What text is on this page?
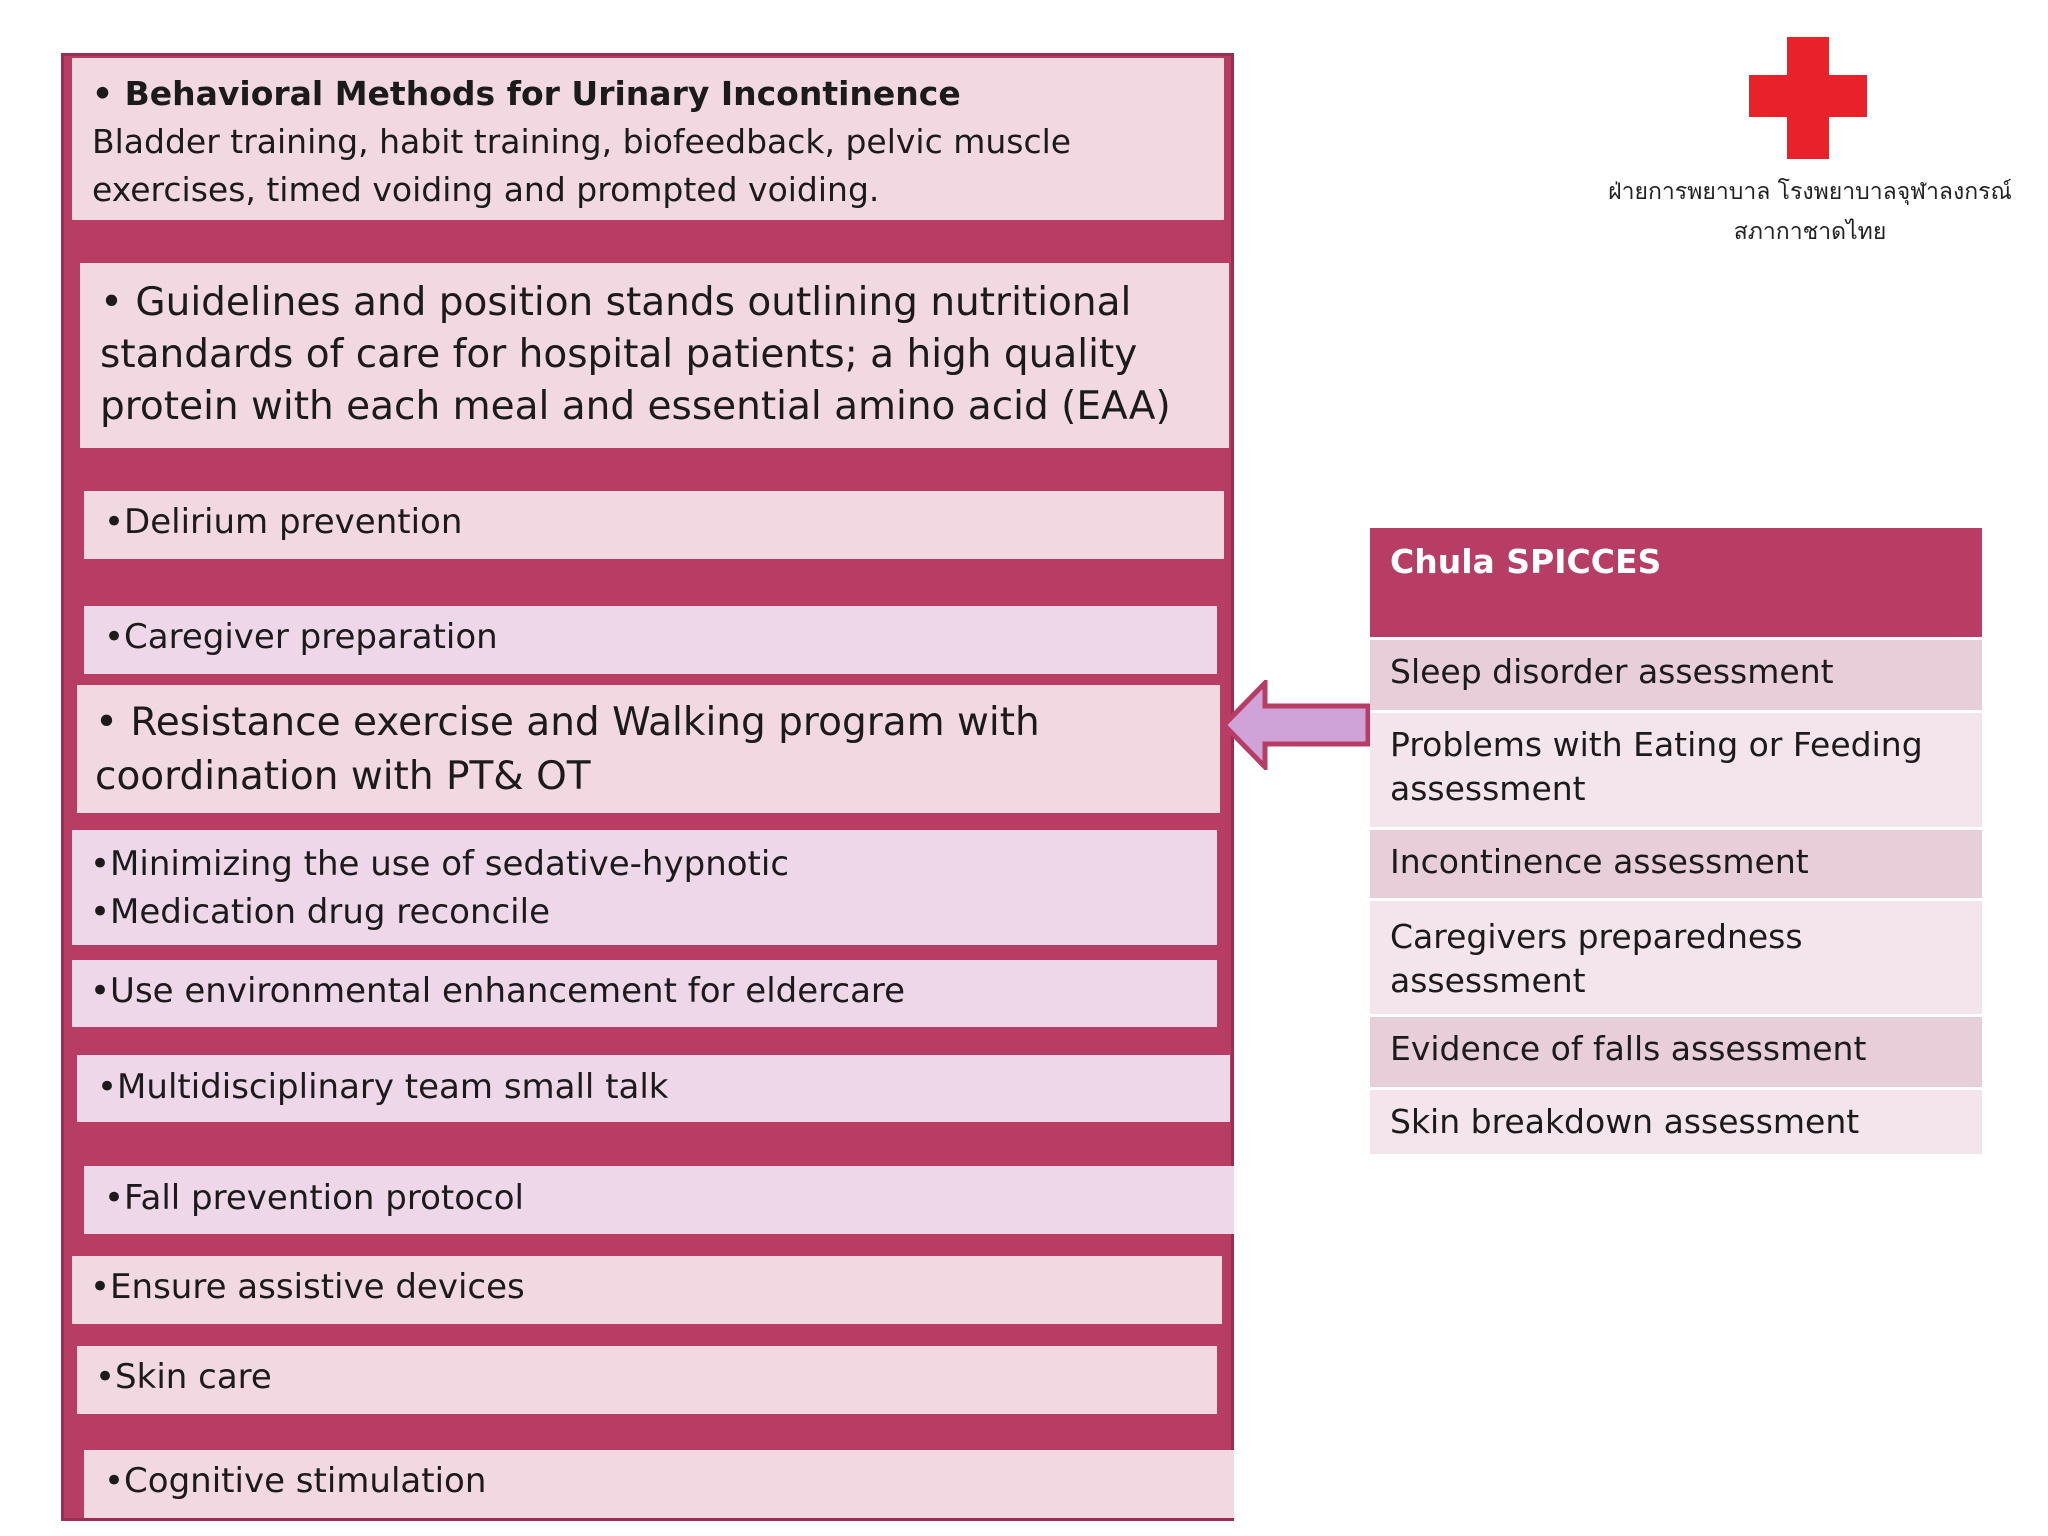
• Behavioral Methods for Urinary Incontinence
Bladder training, habit training, biofeedback, pelvic muscle
exercises, timed voiding and prompted voiding.
• Guidelines and position stands outlining nutritional
standards of care for hospital patients; a high quality
protein with each meal and essential amino acid (EAA)
•Delirium prevention
•Caregiver preparation
• Resistance exercise and Walking program with
coordination with PT& OT
•Minimizing the use of sedative-hypnotic
•Medication drug reconcile
•Use environmental enhancement for eldercare
•Multidisciplinary team small talk
•Fall prevention protocol
•Ensure assistive devices
•Skin care
•Cognitive stimulation
Chula SPICCES
Sleep disorder assessment
Problems with Eating or Feeding
assessment
Incontinence assessment
Caregivers preparedness
assessment
Evidence of falls assessment
Skin breakdown assessment
ฝ่ายการพยาบาล โรงพยาบาลจุฬาลงกรณ์
สภากาชาดไทย
